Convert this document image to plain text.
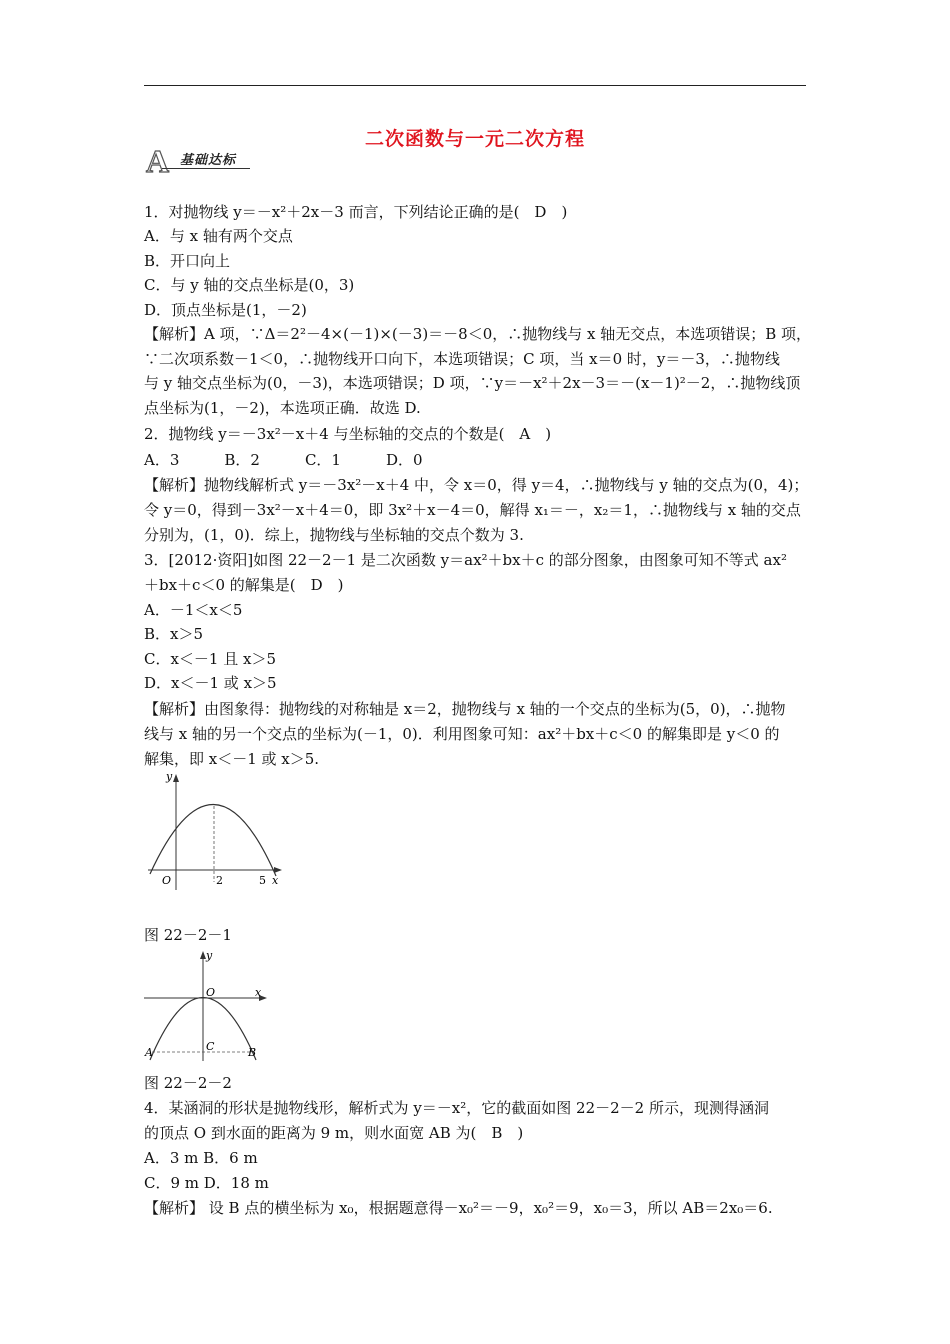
二次函数与一元二次方程
A 基础达标
1．对抛物线 y＝－x²＋2x－3 而言，下列结论正确的是(　D　)
A．与 x 轴有两个交点
B．开口向上
C．与 y 轴的交点坐标是(0，3)
D．顶点坐标是(1，－2)
【解析】A 项，∵Δ＝2²－4×(－1)×(－3)＝－8＜0，∴抛物线与 x 轴无交点，本选项错误；B 项，
∵二次项系数－1＜0，∴抛物线开口向下，本选项错误；C 项，当 x＝0 时，y＝－3，∴抛物线
与 y 轴交点坐标为(0，－3)，本选项错误；D 项，∵y＝－x²＋2x－3＝－(x－1)²－2，∴抛物线顶
点坐标为(1，－2)，本选项正确．故选 D.
2．抛物线 y＝－3x²－x＋4 与坐标轴的交点的个数是(　A　)
A．3　　　B．2　　　C．1　　　D．0
【解析】抛物线解析式 y＝－3x²－x＋4 中，令 x＝0，得 y＝4，∴抛物线与 y 轴的交点为(0，4)；
令 y＝0，得到－3x²－x＋4＝0，即 3x²＋x－4＝0，解得 x₁＝－，x₂＝1，∴抛物线与 x 轴的交点
分别为，(1，0)．综上，抛物线与坐标轴的交点个数为 3.
3．[2012·资阳]如图 22－2－1 是二次函数 y＝ax²＋bx＋c 的部分图象，由图象可知不等式 ax²
＋bx＋c＜0 的解集是(　D　)
A．－1＜x＜5
B．x＞5
C．x＜－1 且 x＞5
D．x＜－1 或 x＞5
【解析】由图象得：抛物线的对称轴是 x＝2，抛物线与 x 轴的一个交点的坐标为(5，0)，∴抛物
线与 x 轴的另一个交点的坐标为(－1，0)．利用图象可知：ax²＋bx＋c＜0 的解集即是 y＜0 的
解集，即 x＜－1 或 x＞5.
y
O	2	5 x
图 22－2－1
y
x
O
A	B
C
图 22－2－2
4．某涵洞的形状是抛物线形，解析式为 y＝－x²，它的截面如图 22－2－2 所示，现测得涵洞
的顶点 O 到水面的距离为 9 m，则水面宽 AB 为(　B　)
A．3 m B．6 m
C．9 m D．18 m
【解析】 设 B 点的横坐标为 x₀，根据题意得－x₀²＝－9，x₀²＝9，x₀＝3，所以 AB＝2x₀＝6.
